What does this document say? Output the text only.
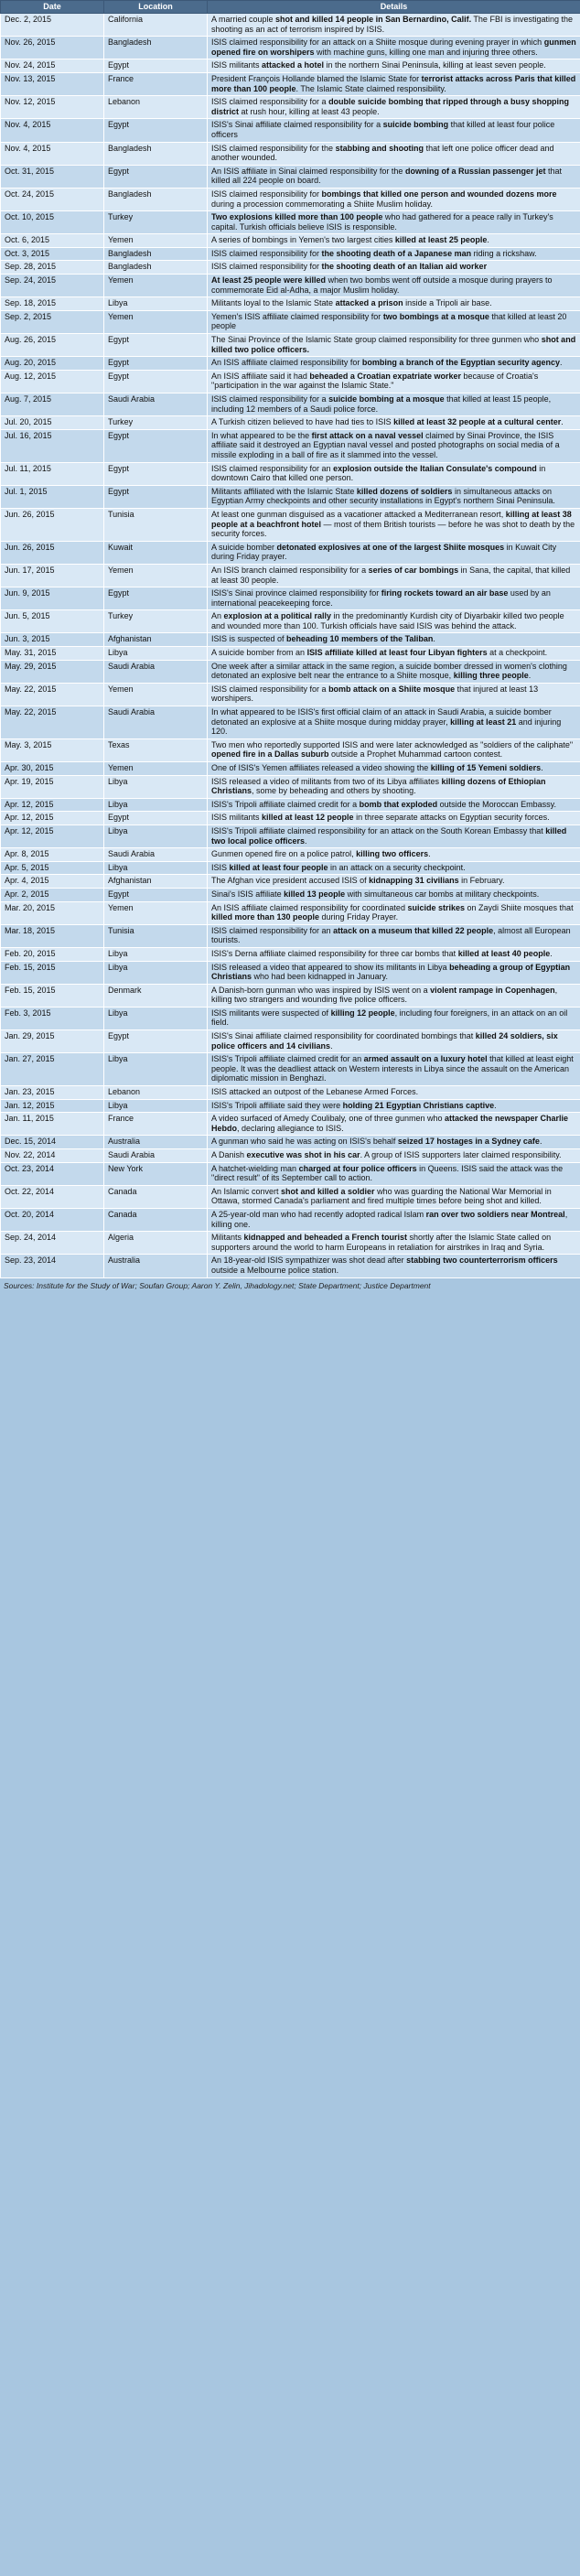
Date	Location	Details
Dec. 2, 2015	California	A married couple shot and killed 14 people in San Bernardino, Calif. The FBI is investigating the shooting as an act of terrorism inspired by ISIS.
Nov. 26, 2015	Bangladesh	ISIS claimed responsibility for an attack on a Shiite mosque during evening prayer in which gunmen opened fire on worshipers with machine guns, killing one man and injuring three others.
Nov. 24, 2015	Egypt	ISIS militants attacked a hotel in the northern Sinai Peninsula, killing at least seven people.
Nov. 13, 2015	France	President François Hollande blamed the Islamic State for terrorist attacks across Paris that killed more than 100 people. The Islamic State claimed responsibility.
Nov. 12, 2015	Lebanon	ISIS claimed responsibility for a double suicide bombing that ripped through a busy shopping district at rush hour, killing at least 43 people.
Nov. 4, 2015	Egypt	ISIS's Sinai affiliate claimed responsibility for a suicide bombing that killed at least four police officers
Nov. 4, 2015	Bangladesh	ISIS claimed responsibility for the stabbing and shooting that left one police officer dead and another wounded.
Oct. 31, 2015	Egypt	An ISIS affiliate in Sinai claimed responsibility for the downing of a Russian passenger jet that killed all 224 people on board.
Oct. 24, 2015	Bangladesh	ISIS claimed responsibility for bombings that killed one person and wounded dozens more during a procession commemorating a Shiite Muslim holiday.
Oct. 10, 2015	Turkey	Two explosions killed more than 100 people who had gathered for a peace rally in Turkey's capital. Turkish officials believe ISIS is responsible.
Oct. 6, 2015	Yemen	A series of bombings in Yemen's two largest cities killed at least 25 people.
Oct. 3, 2015	Bangladesh	ISIS claimed responsibility for the shooting death of a Japanese man riding a rickshaw.
Sep. 28, 2015	Bangladesh	ISIS claimed responsibility for the shooting death of an Italian aid worker
Sep. 24, 2015	Yemen	At least 25 people were killed when two bombs went off outside a mosque during prayers to commemorate Eid al-Adha, a major Muslim holiday.
Sep. 18, 2015	Libya	Militants loyal to the Islamic State attacked a prison inside a Tripoli air base.
Sep. 2, 2015	Yemen	Yemen's ISIS affiliate claimed responsibility for two bombings at a mosque that killed at least 20 people
Aug. 26, 2015	Egypt	The Sinai Province of the Islamic State group claimed responsibility for three gunmen who shot and killed two police officers.
Aug. 20, 2015	Egypt	An ISIS affiliate claimed responsibility for bombing a branch of the Egyptian security agency.
Aug. 12, 2015	Egypt	An ISIS affiliate said it had beheaded a Croatian expatriate worker because of Croatia's "participation in the war against the Islamic State."
Aug. 7, 2015	Saudi Arabia	ISIS claimed responsibility for a suicide bombing at a mosque that killed at least 15 people, including 12 members of a Saudi police force.
Jul. 20, 2015	Turkey	A Turkish citizen believed to have had ties to ISIS killed at least 32 people at a cultural center.
Jul. 16, 2015	Egypt	In what appeared to be the first attack on a naval vessel claimed by Sinai Province, the ISIS affiliate said it destroyed an Egyptian naval vessel and posted photographs on social media of a missile exploding in a ball of fire as it slammed into the vessel.
Jul. 11, 2015	Egypt	ISIS claimed responsibility for an explosion outside the Italian Consulate's compound in downtown Cairo that killed one person.
Jul. 1, 2015	Egypt	Militants affiliated with the Islamic State killed dozens of soldiers in simultaneous attacks on Egyptian Army checkpoints and other security installations in Egypt's northern Sinai Peninsula.
Jun. 26, 2015	Tunisia	At least one gunman disguised as a vacationer attacked a Mediterranean resort, killing at least 38 people at a beachfront hotel — most of them British tourists — before he was shot to death by the security forces.
Jun. 26, 2015	Kuwait	A suicide bomber detonated explosives at one of the largest Shiite mosques in Kuwait City during Friday prayer.
Jun. 17, 2015	Yemen	An ISIS branch claimed responsibility for a series of car bombings in Sana, the capital, that killed at least 30 people.
Jun. 9, 2015	Egypt	ISIS's Sinai province claimed responsibility for firing rockets toward an air base used by an international peacekeeping force.
Jun. 5, 2015	Turkey	An explosion at a political rally in the predominantly Kurdish city of Diyarbakir killed two people and wounded more than 100. Turkish officials have said ISIS was behind the attack.
Jun. 3, 2015	Afghanistan	ISIS is suspected of beheading 10 members of the Taliban.
May. 31, 2015	Libya	A suicide bomber from an ISIS affiliate killed at least four Libyan fighters at a checkpoint.
May. 29, 2015	Saudi Arabia	One week after a similar attack in the same region, a suicide bomber dressed in women's clothing detonated an explosive belt near the entrance to a Shiite mosque, killing three people.
May. 22, 2015	Yemen	ISIS claimed responsibility for a bomb attack on a Shiite mosque that injured at least 13 worshipers.
May. 22, 2015	Saudi Arabia	In what appeared to be ISIS's first official claim of an attack in Saudi Arabia, a suicide bomber detonated an explosive at a Shiite mosque during midday prayer, killing at least 21 and injuring 120.
May. 3, 2015	Texas	Two men who reportedly supported ISIS and were later acknowledged as "soldiers of the caliphate" opened fire in a Dallas suburb outside a Prophet Muhammad cartoon contest.
Apr. 30, 2015	Yemen	One of ISIS's Yemen affiliates released a video showing the killing of 15 Yemeni soldiers.
Apr. 19, 2015	Libya	ISIS released a video of militants from two of its Libya affiliates killing dozens of Ethiopian Christians, some by beheading and others by shooting.
Apr. 12, 2015	Libya	ISIS's Tripoli affiliate claimed credit for a bomb that exploded outside the Moroccan Embassy.
Apr. 12, 2015	Egypt	ISIS militants killed at least 12 people in three separate attacks on Egyptian security forces.
Apr. 12, 2015	Libya	ISIS's Tripoli affiliate claimed responsibility for an attack on the South Korean Embassy that killed two local police officers.
Apr. 8, 2015	Saudi Arabia	Gunmen opened fire on a police patrol, killing two officers.
Apr. 5, 2015	Libya	ISIS killed at least four people in an attack on a security checkpoint.
Apr. 4, 2015	Afghanistan	The Afghan vice president accused ISIS of kidnapping 31 civilians in February.
Apr. 2, 2015	Egypt	Sinai's ISIS affiliate killed 13 people with simultaneous car bombs at military checkpoints.
Mar. 20, 2015	Yemen	An ISIS affiliate claimed responsibility for coordinated suicide strikes on Zaydi Shiite mosques that killed more than 130 people during Friday Prayer.
Mar. 18, 2015	Tunisia	ISIS claimed responsibility for an attack on a museum that killed 22 people, almost all European tourists.
Feb. 20, 2015	Libya	ISIS's Derna affiliate claimed responsibility for three car bombs that killed at least 40 people.
Feb. 15, 2015	Libya	ISIS released a video that appeared to show its militants in Libya beheading a group of Egyptian Christians who had been kidnapped in January.
Feb. 15, 2015	Denmark	A Danish-born gunman who was inspired by ISIS went on a violent rampage in Copenhagen, killing two strangers and wounding five police officers.
Feb. 3, 2015	Libya	ISIS militants were suspected of killing 12 people, including four foreigners, in an attack on an oil field.
Jan. 29, 2015	Egypt	ISIS's Sinai affiliate claimed responsibility for coordinated bombings that killed 24 soldiers, six police officers and 14 civilians.
Jan. 27, 2015	Libya	ISIS's Tripoli affiliate claimed credit for an armed assault on a luxury hotel that killed at least eight people. It was the deadliest attack on Western interests in Libya since the assault on the American diplomatic mission in Benghazi.
Jan. 23, 2015	Lebanon	ISIS attacked an outpost of the Lebanese Armed Forces.
Jan. 12, 2015	Libya	ISIS's Tripoli affiliate said they were holding 21 Egyptian Christians captive.
Jan. 11, 2015	France	A video surfaced of Amedy Coulibaly, one of three gunmen who attacked the newspaper Charlie Hebdo, declaring allegiance to ISIS.
Dec. 15, 2014	Australia	A gunman who said he was acting on ISIS's behalf seized 17 hostages in a Sydney cafe.
Nov. 22, 2014	Saudi Arabia	A Danish executive was shot in his car. A group of ISIS supporters later claimed responsibility.
Oct. 23, 2014	New York	A hatchet-wielding man charged at four police officers in Queens. ISIS said the attack was the "direct result" of its September call to action.
Oct. 22, 2014	Canada	An Islamic convert shot and killed a soldier who was guarding the National War Memorial in Ottawa, stormed Canada's parliament and fired multiple times before being shot and killed.
Oct. 20, 2014	Canada	A 25-year-old man who had recently adopted radical Islam ran over two soldiers near Montreal, killing one.
Sep. 24, 2014	Algeria	Militants kidnapped and beheaded a French tourist shortly after the Islamic State called on supporters around the world to harm Europeans in retaliation for airstrikes in Iraq and Syria.
Sep. 23, 2014	Australia	An 18-year-old ISIS sympathizer was shot dead after stabbing two counterterrorism officers outside a Melbourne police station.
Sources: Institute for the Study of War; Soufan Group; Aaron Y. Zelin, Jihadology.net; State Department; Justice Department
